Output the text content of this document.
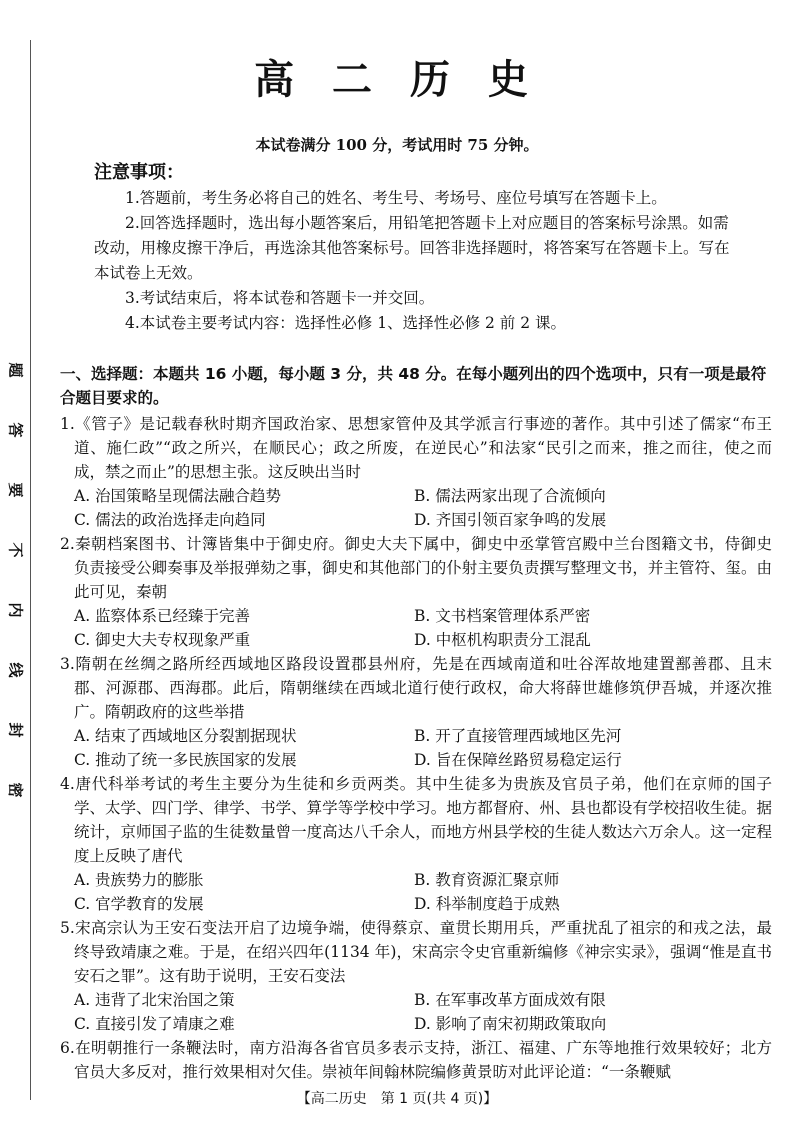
题
答
要
不
内
线
封
密
高 二 历 史
本试卷满分 100 分，考试用时 75 分钟。
注意事项：

1.答题前，考生务必将自己的姓名、考生号、考场号、座位号填写在答题卡上。

2.回答选择题时，选出每小题答案后，用铅笔把答题卡上对应题目的答案标号涂黑。如需改动，用橡皮擦干净后，再选涂其他答案标号。回答非选择题时，将答案写在答题卡上。写在本试卷上无效。

3.考试结束后，将本试卷和答题卡一并交回。

4.本试卷主要考试内容：选择性必修 1、选择性必修 2 前 2 课。

一、选择题：本题共 16 小题，每小题 3 分，共 48 分。在每小题列出的四个选项中，只有一项是最符合题目要求的。

1.《管子》是记载春秋时期齐国政治家、思想家管仲及其学派言行事迹的著作。其中引述了儒家“布王道、施仁政”“政之所兴，在顺民心；政之所废，在逆民心”和法家“民引之而来，推之而往，使之而成，禁之而止”的思想主张。这反映出当时

A. 治国策略呈现儒法融合趋势	B. 儒法两家出现了合流倾向
C. 儒法的政治选择走向趋同	D. 齐国引领百家争鸣的发展

2.秦朝档案图书、计簿皆集中于御史府。御史大夫下属中，御史中丞掌管宫殿中兰台图籍文书，侍御史负责接受公卿奏事及举报弹劾之事，御史和其他部门的仆射主要负责撰写整理文书，并主管符、玺。由此可见，秦朝

A. 监察体系已经臻于完善	B. 文书档案管理体系严密
C. 御史大夫专权现象严重	D. 中枢机构职责分工混乱

3.隋朝在丝绸之路所经西域地区路段设置郡县州府，先是在西域南道和吐谷浑故地建置鄯善郡、且末郡、河源郡、西海郡。此后，隋朝继续在西域北道行使行政权，命大将薛世雄修筑伊吾城，并逐次推广。隋朝政府的这些举措

A. 结束了西域地区分裂割据现状	B. 开了直接管理西域地区先河
C. 推动了统一多民族国家的发展	D. 旨在保障丝路贸易稳定运行

4.唐代科举考试的考生主要分为生徒和乡贡两类。其中生徒多为贵族及官员子弟，他们在京师的国子学、太学、四门学、律学、书学、算学等学校中学习。地方都督府、州、县也都设有学校招收生徒。据统计，京师国子监的生徒数量曾一度高达八千余人，而地方州县学校的生徒人数达六万余人。这一定程度上反映了唐代

A. 贵族势力的膨胀	B. 教育资源汇聚京师
C. 官学教育的发展	D. 科举制度趋于成熟

5.宋高宗认为王安石变法开启了边境争端，使得蔡京、童贯长期用兵，严重扰乱了祖宗的和戎之法，最终导致靖康之难。于是，在绍兴四年(1134 年)，宋高宗令史官重新编修《神宗实录》，强调“惟是直书安石之罪”。这有助于说明，王安石变法

A. 违背了北宋治国之策	B. 在军事改革方面成效有限
C. 直接引发了靖康之难	D. 影响了南宋初期政策取向

6.在明朝推行一条鞭法时，南方沿海各省官员多表示支持，浙江、福建、广东等地推行效果较好；北方官员大多反对，推行效果相对欠佳。崇祯年间翰林院编修黄景昉对此评论道：“一条鞭赋

【高二历史　第 1 页(共 4 页)】
